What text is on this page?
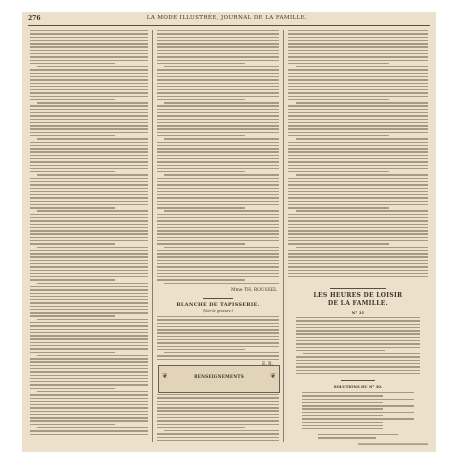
276	LA MODE ILLUSTRÉE, JOURNAL DE LA FAMILLE.
Mme TH. ROUSSEL
BLANCHE DE TAPISSERIE.
(Voir la gravure.)
❦	RENSEIGNEMENTS	❦
LES HEURES DE LOISIR
DE LA FAMILLE.
N° 31
SOLUTIONS DU N° 30.
